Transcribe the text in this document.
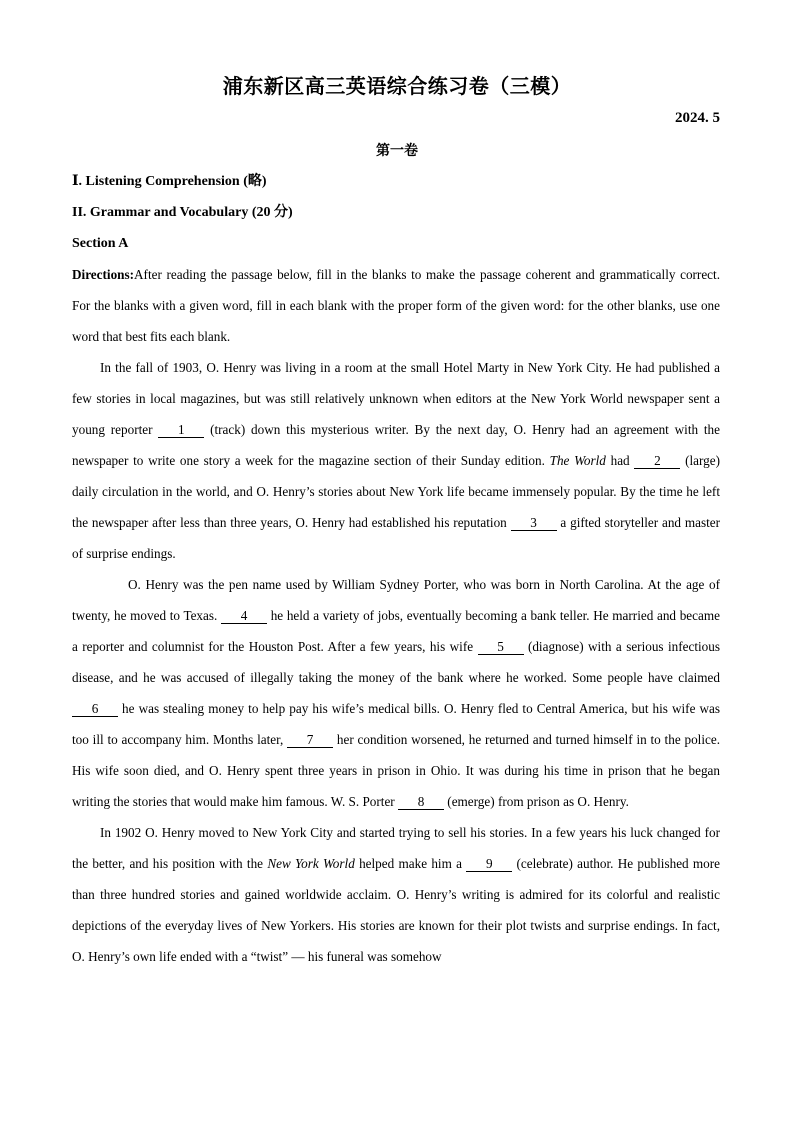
浦东新区高三英语综合练习卷（三模）
2024. 5
第一卷

Ⅰ. Listening Comprehension (略)

II. Grammar and Vocabulary (20 分)

Section A

Directions:After reading the passage below, fill in the blanks to make the passage coherent and grammatically correct. For the blanks with a given word, fill in each blank with the proper form of the given word: for the other blanks, use one word that best fits each blank.

In the fall of 1903, O. Henry was living in a room at the small Hotel Marty in New York City. He had published a few stories in local magazines, but was still relatively unknown when editors at the New York World newspaper sent a young reporter 1 (track) down this mysterious writer. By the next day, O. Henry had an agreement with the newspaper to write one story a week for the magazine section of their Sunday edition. The World had 2 (large) daily circulation in the world, and O. Henry’s stories about New York life became immensely popular. By the time he left the newspaper after less than three years, O. Henry had established his reputation 3 a gifted storyteller and master of surprise endings.

O. Henry was the pen name used by William Sydney Porter, who was born in North Carolina. At the age of twenty, he moved to Texas. 4 he held a variety of jobs, eventually becoming a bank teller. He married and became a reporter and columnist for the Houston Post. After a few years, his wife 5 (diagnose) with a serious infectious disease, and he was accused of illegally taking the money of the bank where he worked. Some people have claimed 6 he was stealing money to help pay his wife’s medical bills. O. Henry fled to Central America, but his wife was too ill to accompany him. Months later, 7 her condition worsened, he returned and turned himself in to the police. His wife soon died, and O. Henry spent three years in prison in Ohio. It was during his time in prison that he began writing the stories that would make him famous. W. S. Porter 8 (emerge) from prison as O. Henry.

In 1902 O. Henry moved to New York City and started trying to sell his stories. In a few years his luck changed for the better, and his position with the New York World helped make him a 9 (celebrate) author. He published more than three hundred stories and gained worldwide acclaim. O. Henry’s writing is admired for its colorful and realistic depictions of the everyday lives of New Yorkers. His stories are known for their plot twists and surprise endings. In fact, O. Henry’s own life ended with a “twist” — his funeral was somehow
